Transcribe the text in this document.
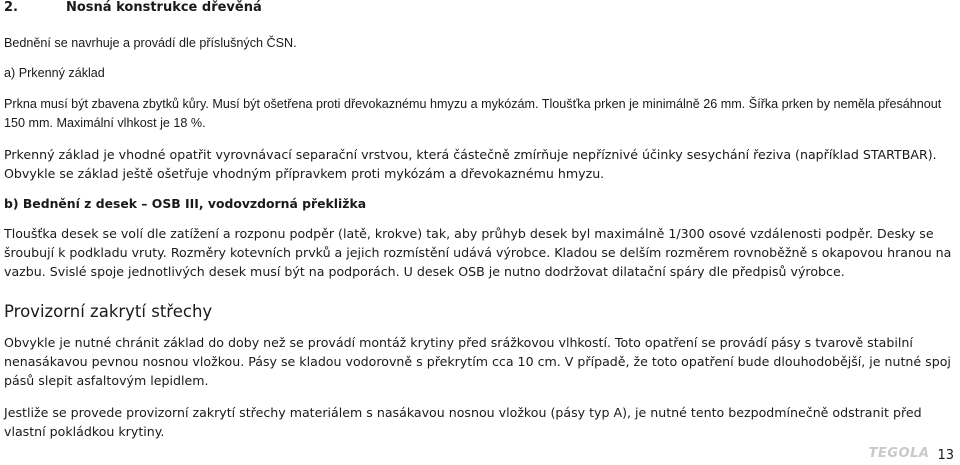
2.	Nosná konstrukce dřevěná
Bednění se navrhuje a provádí dle příslušných ČSN.
a) Prkenný základ
Prkna musí být zbavena zbytků kůry. Musí být ošetřena proti dřevokaznému hmyzu a mykózám. Tloušťka prken je minimálně 26 mm. Šířka prken by neměla přesáhnout 150 mm. Maximální vlhkost je 18 %.
Prkenný základ je vhodné opatřit vyrovnávací separační vrstvou, která částečně zmírňuje nepříznivé účinky sesychání řeziva (například STARTBAR). Obvykle se základ ještě ošetřuje vhodným přípravkem proti mykózám a dřevokaznému hmyzu.
b) Bednění z desek – OSB III, vodovzdorná překližka
Tloušťka desek se volí dle zatížení a rozponu podpěr (latě, krokve) tak, aby průhyb desek byl maximálně 1/300 osové vzdálenosti podpěr. Desky se šroubují k podkladu vruty. Rozměry kotevních prvků a jejich rozmístění udává výrobce. Kladou se delším rozměrem rovnoběžně s okapovou hranou na vazbu. Svislé spoje jednotlivých desek musí být na podporách. U desek OSB je nutno dodržovat dilatační spáry dle předpisů výrobce.
Provizorní zakrytí střechy
Obvykle je nutné chránit základ do doby než se provádí montáž krytiny před srážkovou vlhkostí. Toto opatření se provádí pásy s tvarově stabilní nenasákavou pevnou nosnou vložkou. Pásy se kladou vodorovně s překrytím cca 10 cm. V případě, že toto opatření bude dlouhodobější, je nutné spoj pásů slepit asfaltovým lepidlem.
Jestliže se provede provizorní zakrytí střechy materiálem s nasákavou nosnou vložkou (pásy typ A), je nutné tento bezpodmínečně odstranit před vlastní pokládkou krytiny.
TEGOLA 13
